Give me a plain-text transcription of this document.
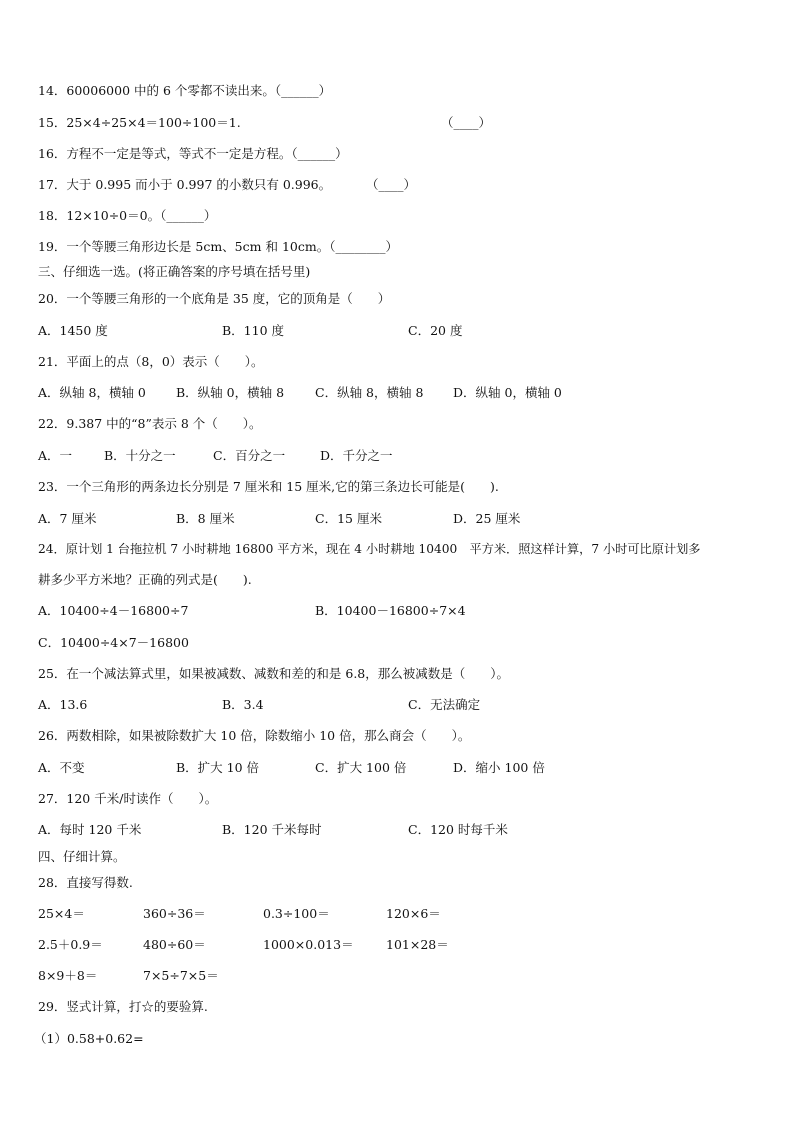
14．60006000 中的 6 个零都不读出来。（______）
15．25×4÷25×4＝100÷100＝1.	（____）
16．方程不一定是等式，等式不一定是方程。（______）
17．大于 0.995 而小于 0.997 的小数只有 0.996。	（____）
18．12×10÷0＝0。（______）
19．一个等腰三角形边长是 5cm、5cm 和 10cm。（________）
三、仔细选一选。(将正确答案的序号填在括号里)
20．一个等腰三角形的一个底角是 35 度，它的顶角是（　　）
A．1450 度	B．110 度	C．20 度
21．平面上的点（8，0）表示（　　）。
A．纵轴 8，横轴 0 B．纵轴 0，横轴 8 C．纵轴 8，横轴 8 D．纵轴 0，横轴 0
22．9.387 中的“8”表示 8 个（　　）。
A．一	B．十分之一	C．百分之一	D．千分之一
23．一个三角形的两条边长分别是 7 厘米和 15 厘米,它的第三条边长可能是(　　).
A．7 厘米	B．8 厘米	C．15 厘米	D．25 厘米
24．原计划 1 台拖拉机 7 小时耕地 16800 平方米，现在 4 小时耕地 10400　平方米．照这样计算，7 小时可比原计划多
耕多少平方米地？正确的列式是(　　).
A．10400÷4－16800÷7	B．10400－16800÷7×4
C．10400÷4×7－16800
25．在一个减法算式里，如果被减数、减数和差的和是 6.8，那么被减数是（　　）。
A．13.6	B．3.4	C．无法确定
26．两数相除，如果被除数扩大 10 倍，除数缩小 10 倍，那么商会（　　）。
A．不变	B．扩大 10 倍	C．扩大 100 倍	D．缩小 100 倍
27．120 千米/时读作（　　）。
A．每时 120 千米	B．120 千米每时	C．120 时每千米
四、仔细计算。
28．直接写得数.
25×4＝	360÷36＝	0.3÷100＝	120×6＝
2.5＋0.9＝	480÷60＝	1000×0.013＝	101×28＝
8×9＋8＝	7×5÷7×5＝
29．竖式计算，打☆的要验算.
（1）0.58+0.62=
